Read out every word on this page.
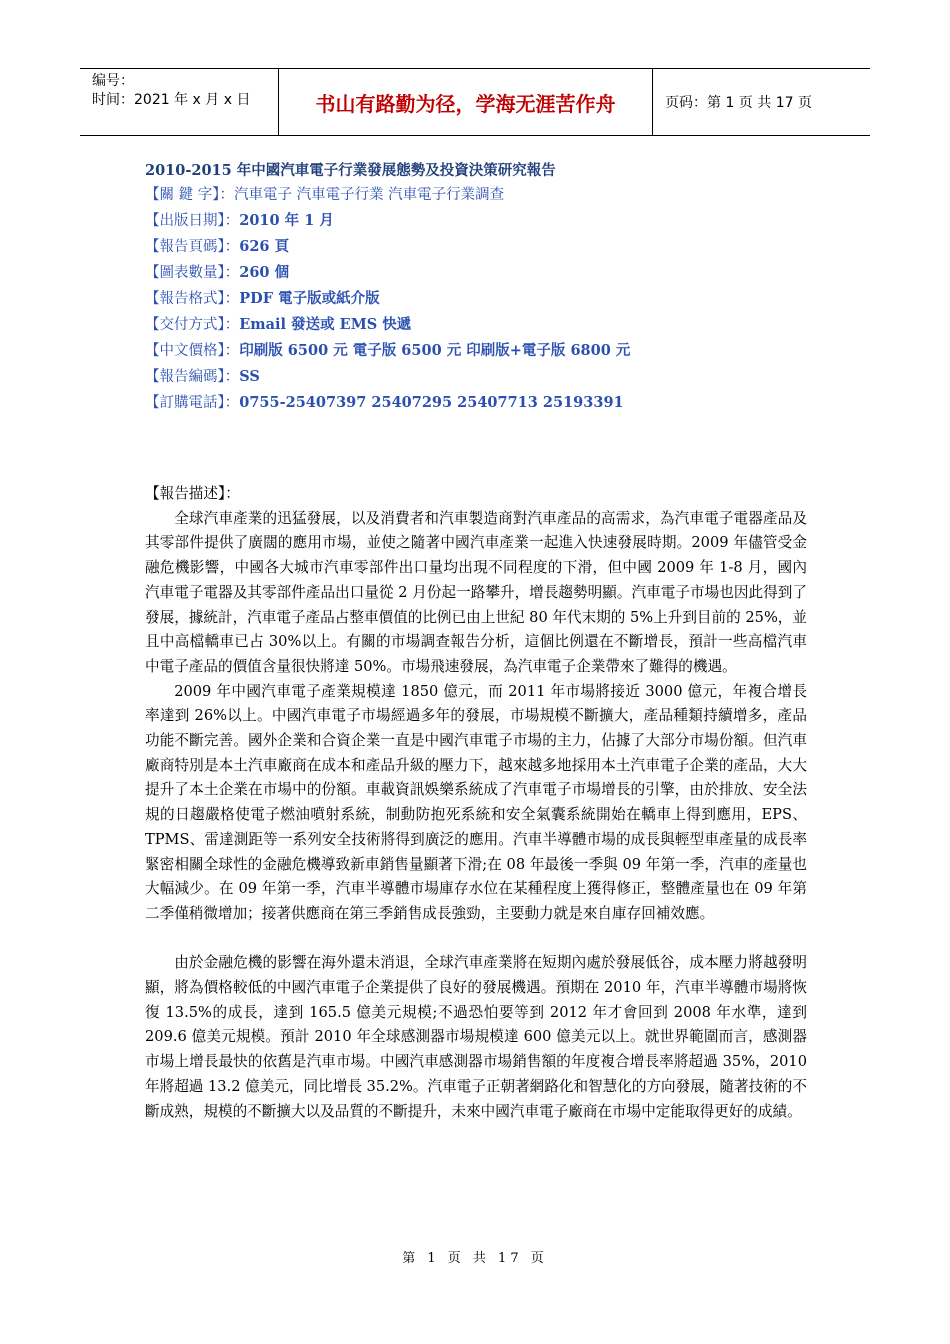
编号：
时间：2021 年 x 月 x 日	书山有路勤为径，学海无涯苦作舟	页码：第 1 页 共 17 页
2010-2015 年中國汽車電子行業發展態勢及投資決策研究報告
【關 鍵 字】：汽車電子 汽車電子行業 汽車電子行業調查
【出版日期】：2010 年 1 月
【報告頁碼】：626 頁
【圖表數量】：260 個
【報告格式】：PDF 電子版或紙介版
【交付方式】：Email 發送或 EMS 快遞
【中文價格】：印刷版 6500 元 電子版 6500 元 印刷版+電子版 6800 元
【報告編碼】：SS
【訂購電話】：0755-25407397 25407295 25407713 25193391

【報告描述】：

全球汽車產業的迅猛發展，以及消費者和汽車製造商對汽車產品的高需求，為汽車電子電器產品及其零部件提供了廣闊的應用市場，並使之隨著中國汽車產業一起進入快速發展時期。2009 年儘管受金融危機影響，中國各大城市汽車零部件出口量均出現不同程度的下滑，但中國 2009 年 1-8 月，國內汽車電子電器及其零部件產品出口量從 2 月份起一路攀升，增長趨勢明顯。汽車電子市場也因此得到了發展，據統計，汽車電子產品占整車價值的比例已由上世紀 80 年代末期的 5%上升到目前的 25%，並且中高檔轎車已占 30%以上。有關的市場調查報告分析，這個比例還在不斷增長，預計一些高檔汽車中電子產品的價值含量很快將達 50%。市場飛速發展，為汽車電子企業帶來了難得的機遇。

2009 年中國汽車電子產業規模達 1850 億元，而 2011 年市場將接近 3000 億元，年複合增長率達到 26%以上。中國汽車電子市場經過多年的發展，市場規模不斷擴大，產品種類持續增多，產品功能不斷完善。國外企業和合資企業一直是中國汽車電子市場的主力，佔據了大部分市場份額。但汽車廠商特別是本土汽車廠商在成本和產品升級的壓力下，越來越多地採用本土汽車電子企業的產品，大大提升了本土企業在市場中的份額。車載資訊娛樂系統成了汽車電子市場增長的引擎，由於排放、安全法規的日趨嚴格使電子燃油噴射系統，制動防抱死系統和安全氣囊系統開始在轎車上得到應用，EPS、TPMS、雷達測距等一系列安全技術將得到廣泛的應用。汽車半導體市場的成長與輕型車產量的成長率緊密相關全球性的金融危機導致新車銷售量顯著下滑;在 08 年最後一季與 09 年第一季，汽車的產量也大幅減少。在 09 年第一季，汽車半導體市場庫存水位在某種程度上獲得修正，整體產量也在 09 年第二季僅稍微增加；接著供應商在第三季銷售成長強勁，主要動力就是來自庫存回補效應。

由於金融危機的影響在海外還未消退，全球汽車產業將在短期內處於發展低谷，成本壓力將越發明顯，將為價格較低的中國汽車電子企業提供了良好的發展機遇。預期在 2010 年，汽車半導體市場將恢復 13.5%的成長，達到 165.5 億美元規模;不過恐怕要等到 2012 年才會回到 2008 年水準，達到 209.6 億美元規模。預計 2010 年全球感測器市場規模達 600 億美元以上。就世界範圍而言，感測器市場上增長最快的依舊是汽車市場。中國汽車感測器市場銷售額的年度複合增長率將超過 35%，2010 年將超過 13.2 億美元，同比增長 35.2%。汽車電子正朝著網路化和智慧化的方向發展，隨著技術的不斷成熟，規模的不斷擴大以及品質的不斷提升，未來中國汽車電子廠商在市場中定能取得更好的成績。

第 1 页 共 17 页
